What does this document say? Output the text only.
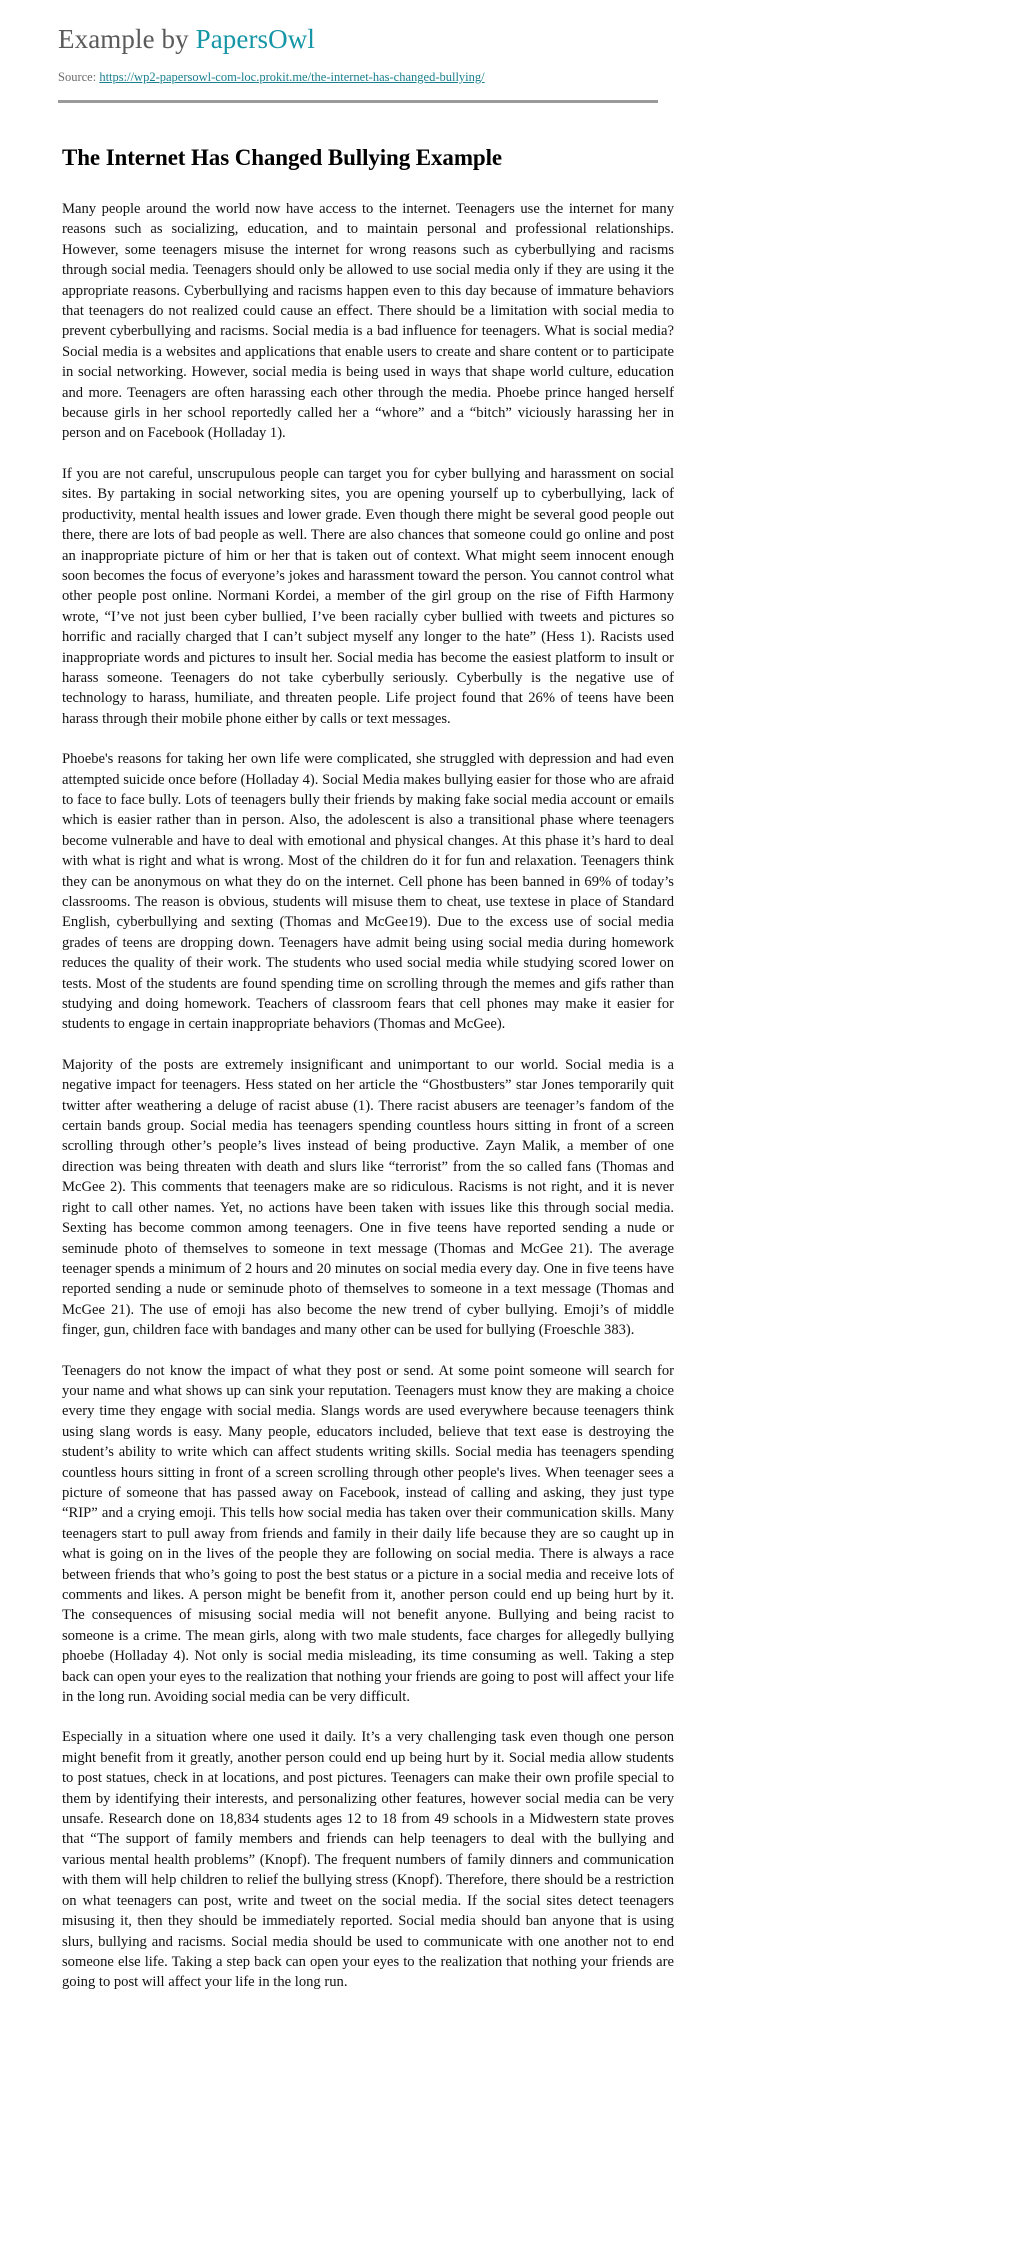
Example by PapersOwl
Source: https://wp2-papersowl-com-loc.prokit.me/the-internet-has-changed-bullying/
The Internet Has Changed Bullying Example

Many people around the world now have access to the internet. Teenagers use the internet for many reasons such as socializing, education, and to maintain personal and professional relationships. However, some teenagers misuse the internet for wrong reasons such as cyberbullying and racisms through social media. Teenagers should only be allowed to use social media only if they are using it the appropriate reasons. Cyberbullying and racisms happen even to this day because of immature behaviors that teenagers do not realized could cause an effect. There should be a limitation with social media to prevent cyberbullying and racisms. Social media is a bad influence for teenagers. What is social media? Social media is a websites and applications that enable users to create and share content or to participate in social networking. However, social media is being used in ways that shape world culture, education and more. Teenagers are often harassing each other through the media. Phoebe prince hanged herself because girls in her school reportedly called her a “whore” and a “bitch” viciously harassing her in person and on Facebook (Holladay 1).

If you are not careful, unscrupulous people can target you for cyber bullying and harassment on social sites. By partaking in social networking sites, you are opening yourself up to cyberbullying, lack of productivity, mental health issues and lower grade. Even though there might be several good people out there, there are lots of bad people as well. There are also chances that someone could go online and post an inappropriate picture of him or her that is taken out of context. What might seem innocent enough soon becomes the focus of everyone’s jokes and harassment toward the person. You cannot control what other people post online. Normani Kordei, a member of the girl group on the rise of Fifth Harmony wrote, “I’ve not just been cyber bullied, I’ve been racially cyber bullied with tweets and pictures so horrific and racially charged that I can’t subject myself any longer to the hate” (Hess 1). Racists used inappropriate words and pictures to insult her. Social media has become the easiest platform to insult or harass someone. Teenagers do not take cyberbully seriously. Cyberbully is the negative use of technology to harass, humiliate, and threaten people. Life project found that 26% of teens have been harass through their mobile phone either by calls or text messages.

Phoebe's reasons for taking her own life were complicated, she struggled with depression and had even attempted suicide once before (Holladay 4). Social Media makes bullying easier for those who are afraid to face to face bully. Lots of teenagers bully their friends by making fake social media account or emails which is easier rather than in person. Also, the adolescent is also a transitional phase where teenagers become vulnerable and have to deal with emotional and physical changes. At this phase it’s hard to deal with what is right and what is wrong. Most of the children do it for fun and relaxation. Teenagers think they can be anonymous on what they do on the internet. Cell phone has been banned in 69% of today’s classrooms. The reason is obvious, students will misuse them to cheat, use textese in place of Standard English, cyberbullying and sexting (Thomas and McGee19). Due to the excess use of social media grades of teens are dropping down. Teenagers have admit being using social media during homework reduces the quality of their work. The students who used social media while studying scored lower on tests. Most of the students are found spending time on scrolling through the memes and gifs rather than studying and doing homework. Teachers of classroom fears that cell phones may make it easier for students to engage in certain inappropriate behaviors (Thomas and McGee).

Majority of the posts are extremely insignificant and unimportant to our world. Social media is a negative impact for teenagers. Hess stated on her article the “Ghostbusters” star Jones temporarily quit twitter after weathering a deluge of racist abuse (1). There racist abusers are teenager’s fandom of the certain bands group. Social media has teenagers spending countless hours sitting in front of a screen scrolling through other’s people’s lives instead of being productive. Zayn Malik, a member of one direction was being threaten with death and slurs like “terrorist” from the so called fans (Thomas and McGee 2). This comments that teenagers make are so ridiculous. Racisms is not right, and it is never right to call other names. Yet, no actions have been taken with issues like this through social media. Sexting has become common among teenagers. One in five teens have reported sending a nude or seminude photo of themselves to someone in text message (Thomas and McGee 21). The average teenager spends a minimum of 2 hours and 20 minutes on social media every day. One in five teens have reported sending a nude or seminude photo of themselves to someone in a text message (Thomas and McGee 21). The use of emoji has also become the new trend of cyber bullying. Emoji’s of middle finger, gun, children face with bandages and many other can be used for bullying (Froeschle 383).

Teenagers do not know the impact of what they post or send. At some point someone will search for your name and what shows up can sink your reputation. Teenagers must know they are making a choice every time they engage with social media. Slangs words are used everywhere because teenagers think using slang words is easy. Many people, educators included, believe that text ease is destroying the student’s ability to write which can affect students writing skills. Social media has teenagers spending countless hours sitting in front of a screen scrolling through other people's lives. When teenager sees a picture of someone that has passed away on Facebook, instead of calling and asking, they just type “RIP” and a crying emoji. This tells how social media has taken over their communication skills. Many teenagers start to pull away from friends and family in their daily life because they are so caught up in what is going on in the lives of the people they are following on social media. There is always a race between friends that who’s going to post the best status or a picture in a social media and receive lots of comments and likes. A person might be benefit from it, another person could end up being hurt by it. The consequences of misusing social media will not benefit anyone. Bullying and being racist to someone is a crime. The mean girls, along with two male students, face charges for allegedly bullying phoebe (Holladay 4). Not only is social media misleading, its time consuming as well. Taking a step back can open your eyes to the realization that nothing your friends are going to post will affect your life in the long run. Avoiding social media can be very difficult.

Especially in a situation where one used it daily. It’s a very challenging task even though one person might benefit from it greatly, another person could end up being hurt by it. Social media allow students to post statues, check in at locations, and post pictures. Teenagers can make their own profile special to them by identifying their interests, and personalizing other features, however social media can be very unsafe. Research done on 18,834 students ages 12 to 18 from 49 schools in a Midwestern state proves that “The support of family members and friends can help teenagers to deal with the bullying and various mental health problems” (Knopf). The frequent numbers of family dinners and communication with them will help children to relief the bullying stress (Knopf). Therefore, there should be a restriction on what teenagers can post, write and tweet on the social media. If the social sites detect teenagers misusing it, then they should be immediately reported. Social media should ban anyone that is using slurs, bullying and racisms. Social media should be used to communicate with one another not to end someone else life. Taking a step back can open your eyes to the realization that nothing your friends are going to post will affect your life in the long run.
